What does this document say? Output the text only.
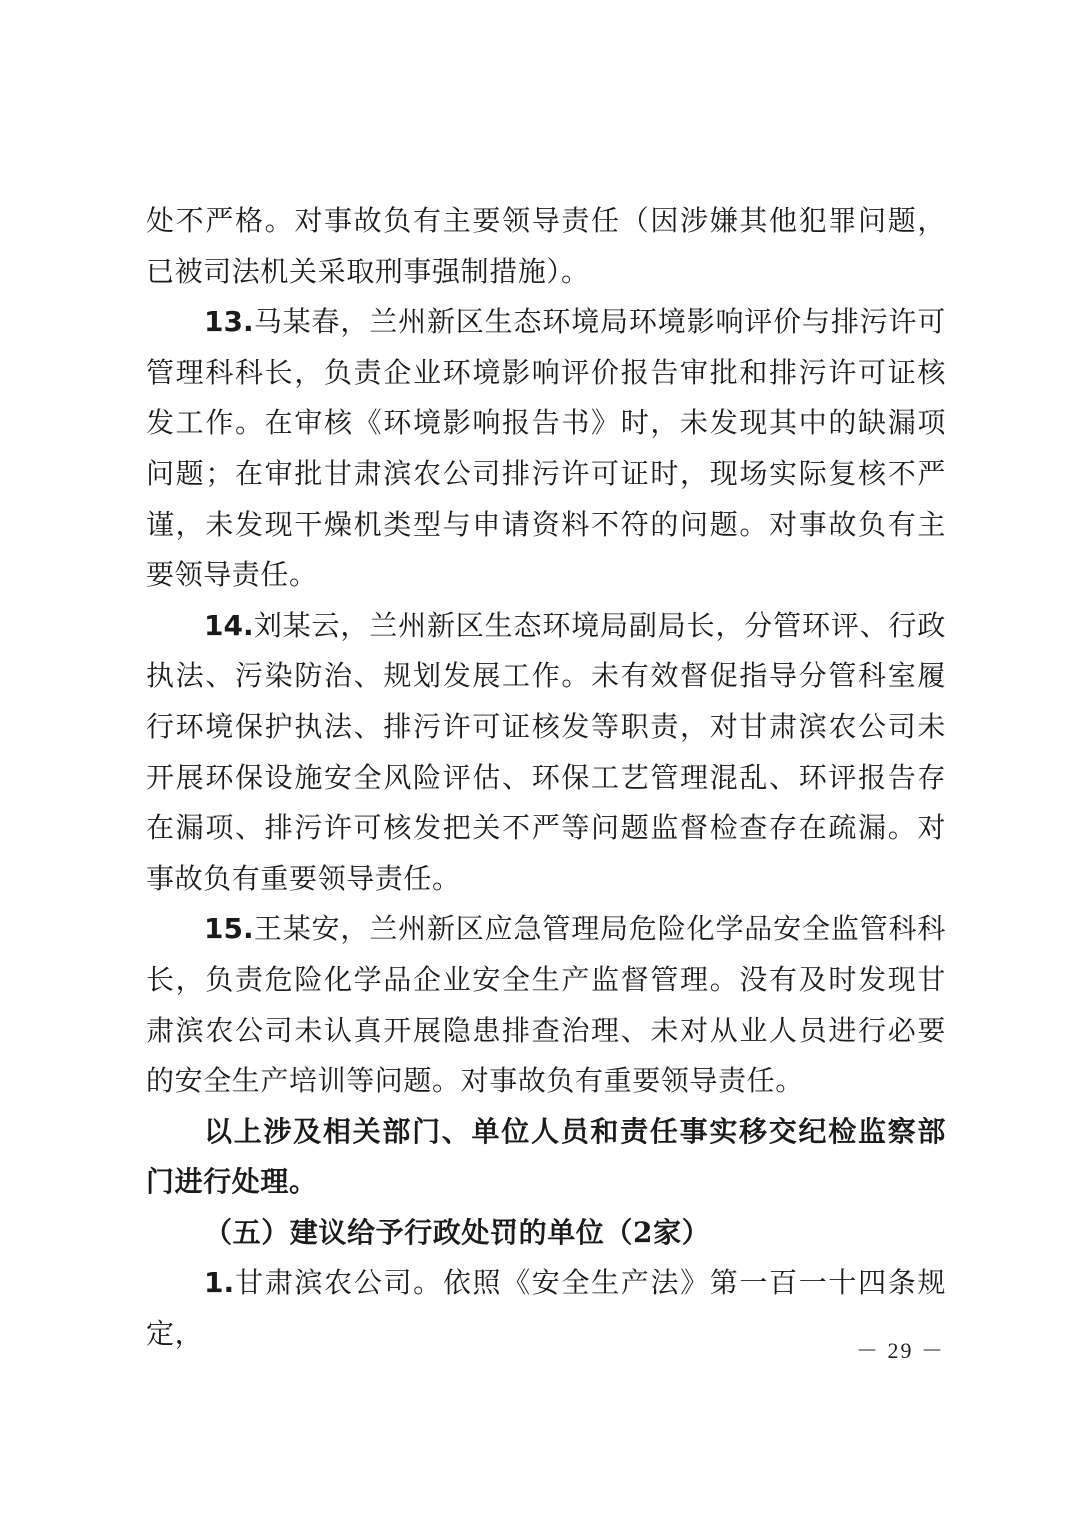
处不严格。对事故负有主要领导责任（因涉嫌其他犯罪问题，已被司法机关采取刑事强制措施）。

13.马某春，兰州新区生态环境局环境影响评价与排污许可管理科科长，负责企业环境影响评价报告审批和排污许可证核发工作。在审核《环境影响报告书》时，未发现其中的缺漏项问题；在审批甘肃滨农公司排污许可证时，现场实际复核不严谨，未发现干燥机类型与申请资料不符的问题。对事故负有主要领导责任。

14.刘某云，兰州新区生态环境局副局长，分管环评、行政执法、污染防治、规划发展工作。未有效督促指导分管科室履行环境保护执法、排污许可证核发等职责，对甘肃滨农公司未开展环保设施安全风险评估、环保工艺管理混乱、环评报告存在漏项、排污许可核发把关不严等问题监督检查存在疏漏。对事故负有重要领导责任。

15.王某安，兰州新区应急管理局危险化学品安全监管科科长，负责危险化学品企业安全生产监督管理。没有及时发现甘肃滨农公司未认真开展隐患排查治理、未对从业人员进行必要的安全生产培训等问题。对事故负有重要领导责任。

以上涉及相关部门、单位人员和责任事实移交纪检监察部门进行处理。

（五）建议给予行政处罚的单位（2家）

1.甘肃滨农公司。依照《安全生产法》第一百一十四条规定，

－ 29 －
